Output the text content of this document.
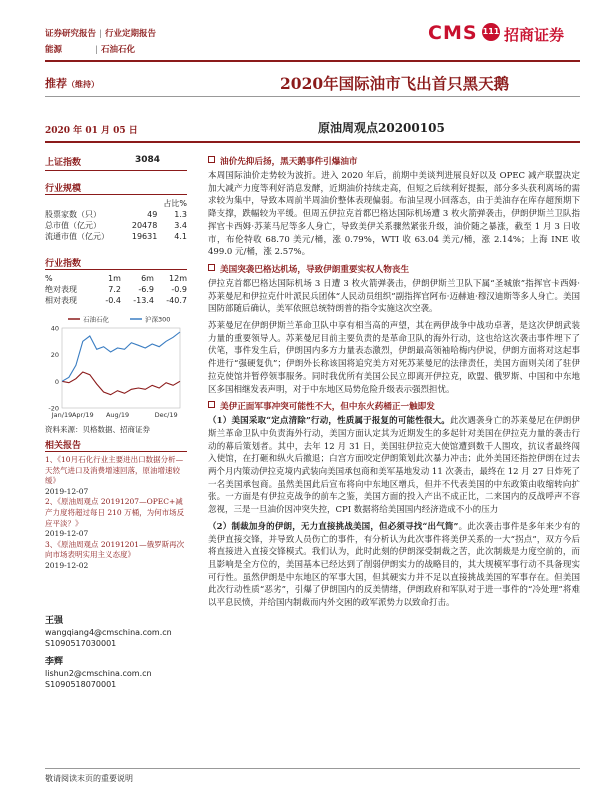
证券研究报告 | 行业定期报告
能源	| 石油石化
CMS 111 招商证券
推荐（维持）	2020年国际油市飞出首只黑天鹅
2020 年 01 月 05 日	原油周观点20200105
上证指数	3084
行业规模
		占比%
股票家数（只）	49	1.3
总市值（亿元）	20478	3.4
流通市值（亿元）	19631	4.1
行业指数
%	1m	6m	12m
绝对表现	7.2	-6.9	-0.9
相对表现	-0.4	-13.4	-40.7
40
20
0
-20
Jan/19 Apr/19 Aug/19	Dec/19
石油石化	沪深300
资料来源：贝格数据、招商证券
相关报告
1、《10月石化行业主要进出口数据分析—天然气进口及消费增速回落，原油增速较缓》
2019-12-07
2、《原油周观点 20191207—OPEC+减产力度将超过每日 210 万桶，为何市场反应平淡？》
2019-12-07
3、《原油周观点 20191201—俄罗斯再次向市场表明实用主义态度》
2019-12-02
王强
wangqiang4@cmschina.com.cn
S1090517030001
李辉
lishun2@cmschina.com.cn
S1090518070001
油价先抑后扬，黑天鹅事件引爆油市
本周国际油价走势较为波折。进入 2020 年后，前期中美谈判进展良好以及 OPEC 减产联盟决定加大减产力度等利好消息发酵，近期油价持续走高，但短之后续利好提振，部分多头获利离场的需求较为集中，导致本周前半周油价整体表现偏弱。布油呈现小回落态，由于美油存在库存超预期下降支撑，跌幅较为平缓。但周五伊拉克首都巴格达国际机场遭 3 枚火箭弹袭击，伊朗伊斯兰卫队指挥官卡西姆·苏莱马尼等多人身亡，导致美伊关系骤然紧张升级，油价随之暴涨，截至 1 月 3 日收市，布伦特收 68.70 美元/桶，涨 0.79%，WTI 收 63.04 美元/桶，涨 2.14%；上海 INE 收 499.0 元/桶，涨 2.57%。
美国突袭巴格达机场，导致伊朗重要实权人物丧生
伊拉克首都巴格达国际机场 3 日遭 3 枚火箭弹袭击，伊朗伊斯兰卫队下属“圣城旅”指挥官卡西姆·苏莱曼尼和伊拉克什叶派民兵团体“人民动员组织”副指挥官阿布·迈赫迪·穆汉迪斯等多人身亡。美国国防部随后确认，美军依照总统特朗普的指令实施这次空袭。
苏莱曼尼在伊朗伊斯兰革命卫队中享有相当高的声望，其在两伊战争中战功卓著，是这次伊朗武装力量的重要领导人。苏莱曼尼目前主要负责的是革命卫队的海外行动，这也给这次袭击事件埋下了伏笔，事件发生后，伊朗国内多方力量表态激烈，伊朗最高领袖哈梅内伊说，伊朗方面将对这起事件进行“强硬复仇”；伊朗外长称该国将追究美方对死苏莱曼尼的法律责任，美国方面则关闭了驻伊拉克使馆并暂停领事服务。同时我优所有美国公民立即离开伊拉克，欧盟、俄罗斯、中国和中东地区多国相继发表声明，对于中东地区局势危险升级表示强烈担忧。
美伊正面军事冲突可能性不大，但中东火药桶正一触即发
（1）美国采取“定点清除”行动，性质属于报复的可能性很大。此次遇袭身亡的苏莱曼尼在伊朗伊斯兰革命卫队中负责海外行动，美国方面认定其为近期发生的多起针对美国在伊拉克力量的袭击行动的幕后策划者。其中，去年 12 月 31 日，美国驻伊拉克大使馆遭到数千人围攻，抗议者最终闯入使馆，在打砸和纵火后撤退；白宫方面咬定伊朗策划此次暴力冲击；此外美国还指控伊朗在过去两个月内策动伊拉克境内武装向美国承包商和美军基地发动 11 次袭击，最终在 12 月 27 日炸死了一名美国承包商。虽然美国此后宣布将向中东地区增兵，但并不代表美国的中东政策由收缩转向扩张。一方面是有伊拉克战争的前车之鉴，美国方面的投入产出不成正比，二来国内的反战呼声不容忽视，三是一旦油价因冲突失控，CPI 数据将给美国国内经济造成不小的压力
（2）制裁加身的伊朗，无力直接挑战美国，但必须寻找“出气筒”。此次袭击事件是多年来少有的美伊直接交锋，并导致人员伤亡的事件，有分析认为此次事件将美伊关系的一大“拐点”，双方今后将直接进入直接交锋模式。我们认为，此时此刻的伊朗深受制裁之苦，此次制裁是力度空前的，而且影响是全方位的，美国基本已经达到了削弱伊朗实力的战略目的，其大规模军事行动不具备现实可行性。虽然伊朗是中东地区的军事大国，但其硬实力并不足以直接挑战美国的军事存在。但美国此次行动性质“恶劣”，引爆了伊朗国内的反美情绪，伊朗政府和军队对于进一事件的“冷处理”将难以平息民愤，并给国内制裁而内外交困的政军派势力以致命打击。
敬请阅读末页的重要说明
